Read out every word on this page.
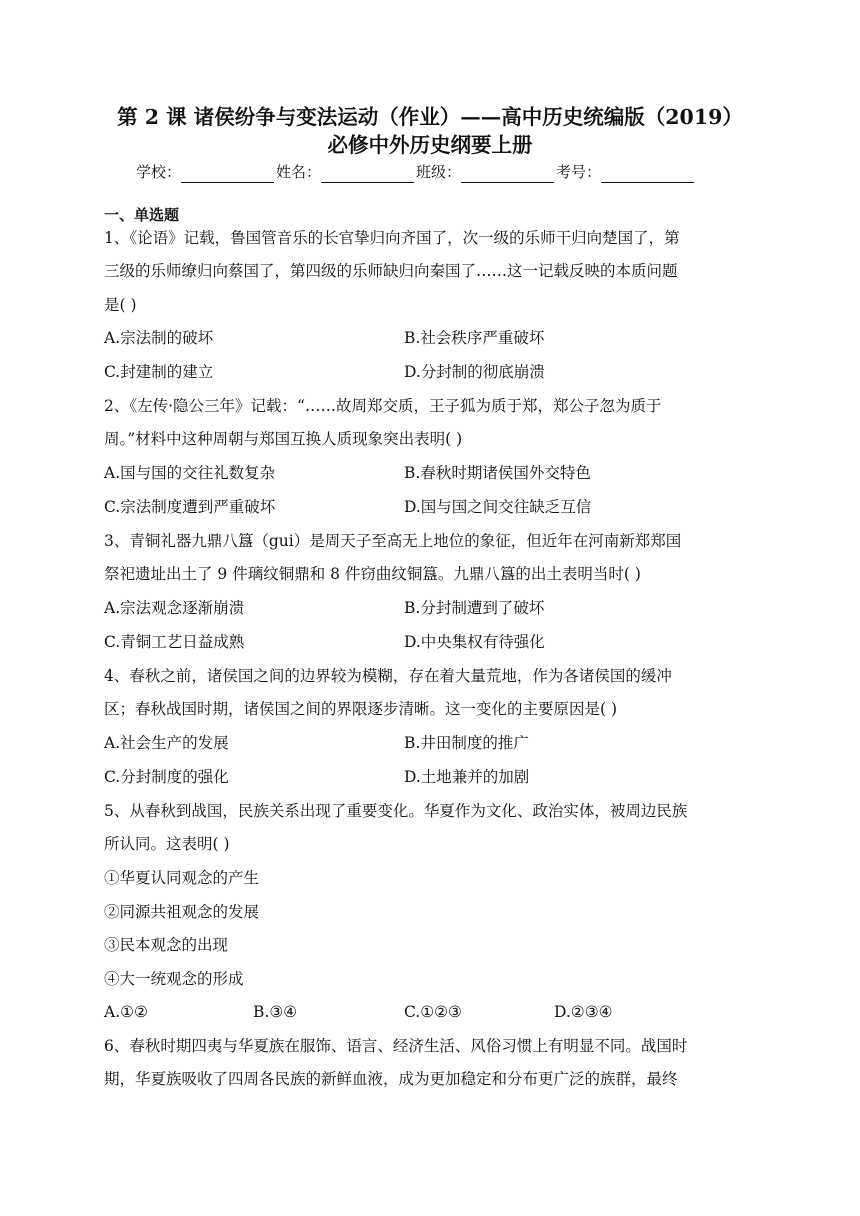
第 2 课 诸侯纷争与变法运动（作业）——高中历史统编版（2019）
必修中外历史纲要上册
学校：	姓名：	班级：	考号：
一、单选题
1、《论语》记载，鲁国管音乐的长官挚归向齐国了，次一级的乐师干归向楚国了，第
三级的乐师缭归向蔡国了，第四级的乐师缺归向秦国了……这一记载反映的本质问题
是( )
A.宗法制的破坏	B.社会秩序严重破坏
C.封建制的建立	D.分封制的彻底崩溃
2、《左传·隐公三年》记载：“……故周郑交质，王子狐为质于郑，郑公子忽为质于
周。”材料中这种周朝与郑国互换人质现象突出表明( )
A.国与国的交往礼数复杂	B.春秋时期诸侯国外交特色
C.宗法制度遭到严重破坏	D.国与国之间交往缺乏互信
3、青铜礼器九鼎八簋（gui）是周天子至高无上地位的象征，但近年在河南新郑郑国
祭祀遗址出土了 9 件璃纹铜鼎和 8 件窃曲纹铜簋。九鼎八簋的出土表明当时( )
A.宗法观念逐渐崩溃	B.分封制遭到了破坏
C.青铜工艺日益成熟	D.中央集权有待强化
4、春秋之前，诸侯国之间的边界较为模糊，存在着大量荒地，作为各诸侯国的缓冲
区；春秋战国时期，诸侯国之间的界限逐步清晰。这一变化的主要原因是( )
A.社会生产的发展	B.井田制度的推广
C.分封制度的强化	D.土地兼并的加剧
5、从春秋到战国，民族关系出现了重要变化。华夏作为文化、政治实体，被周边民族
所认同。这表明( )
①华夏认同观念的产生
②同源共祖观念的发展
③民本观念的出现
④大一统观念的形成
A.①②	B.③④	C.①②③	D.②③④
6、春秋时期四夷与华夏族在服饰、语言、经济生活、风俗习惯上有明显不同。战国时
期，华夏族吸收了四周各民族的新鲜血液，成为更加稳定和分布更广泛的族群，最终
